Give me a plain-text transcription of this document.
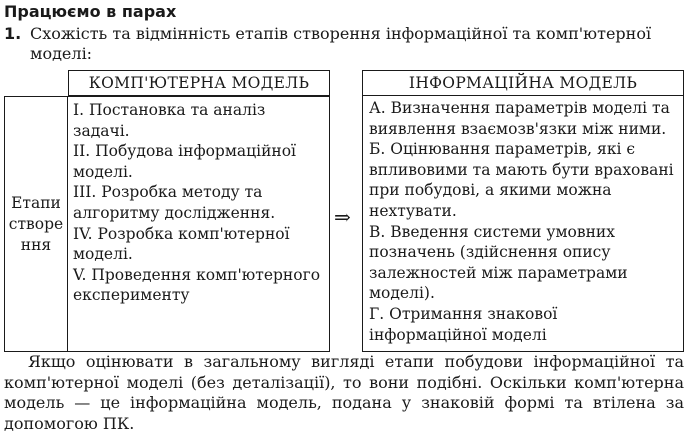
Працюємо в парах
1. Схожість та відмінність етапів створення інформаційної та комп'ютерної моделі:
КОМП'ЮТЕРНА МОДЕЛЬ	ІНФОРМАЦІЙНА МОДЕЛЬ
Етапи створення
I. Постановка та аналіз задачі.
II. Побудова інформаційної моделі.
III. Розробка методу та алгоритму дослідження.
IV. Розробка комп'ютерної моделі.
V. Проведення комп'ютерного експерименту
⇒
А. Визначення параметрів моделі та виявлення взаємозв'язки між ними.
Б. Оцінювання параметрів, які є впливовими та мають бути враховані при побудові, а якими можна нехтувати.
В. Введення системи умовних позначень (здійснення опису залежностей між параметрами моделі).
Г. Отримання знакової інформаційної моделі
Якщо оцінювати в загальному вигляді етапи побудови інформаційної та комп'ютерної моделі (без деталізації), то вони подібні. Оскільки комп'ютерна модель — це інформаційна модель, подана у знаковій формі та втілена за допомогою ПК.
